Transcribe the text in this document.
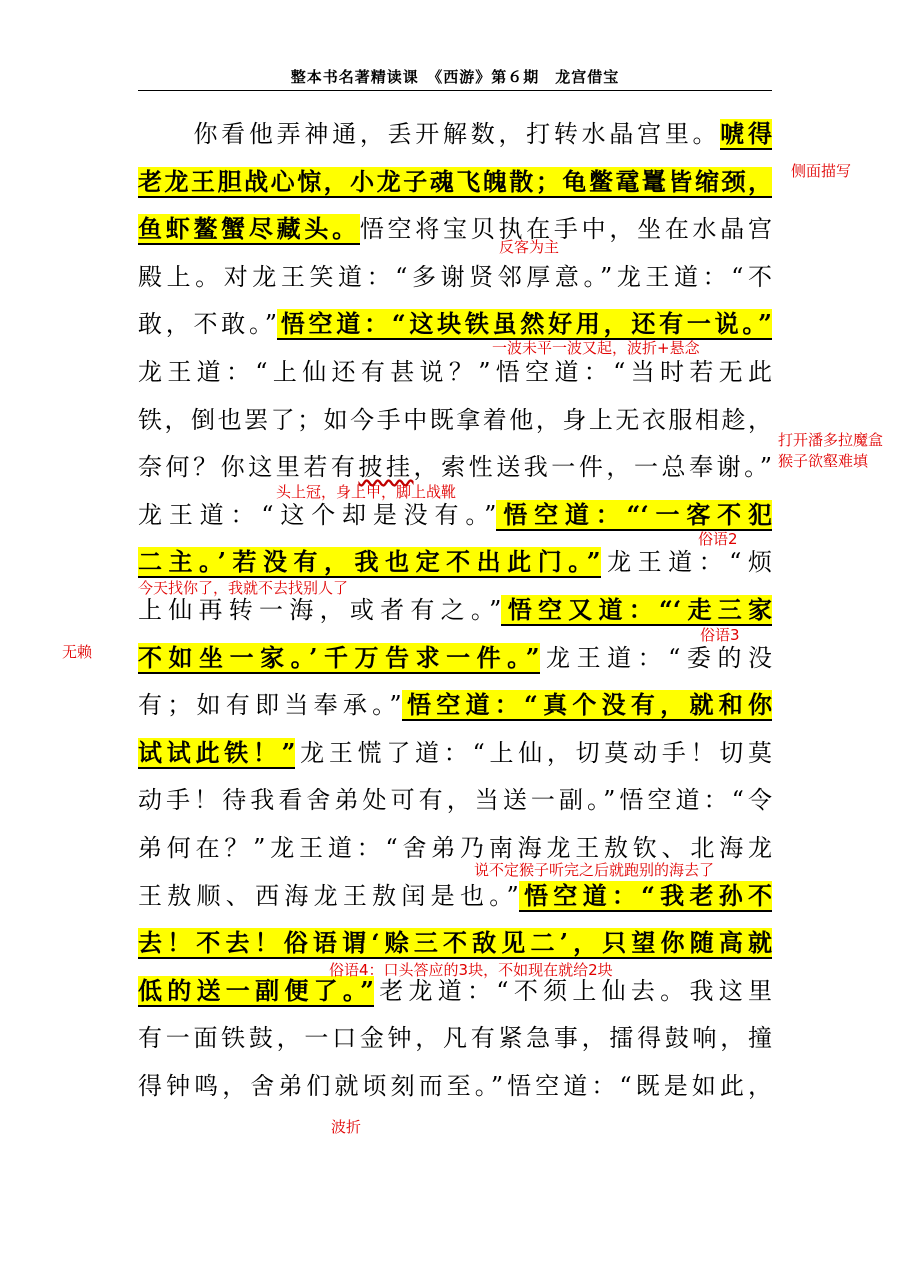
整本书名著精读课　《西游》第６期　龙宫借宝
　　你看他弄神通，丢开解数，打转水晶宫里。唬得
老龙王胆战心惊，小龙子魂飞魄散；龟鳖鼋鼍皆缩颈，
鱼虾鳌蟹尽藏头。悟空将宝贝执在手中，坐在水晶宫
殿上。对龙王笑道：“多谢贤邻厚意。”龙王道：“不
敢，不敢。”悟空道：“这块铁虽然好用，还有一说。”
龙王道：“上仙还有甚说？”悟空道：“当时若无此
铁，倒也罢了；如今手中既拿着他，身上无衣服相趁，
奈何？你这里若有披挂，索性送我一件，一总奉谢。”
龙王道：“这个却是没有。”悟空道：“‘一客不犯
二主。’若没有，我也定不出此门。”龙王道：“烦
上仙再转一海，或者有之。”悟空又道：“‘走三家
不如坐一家。’千万告求一件。”龙王道：“委的没
有；如有即当奉承。”悟空道：“真个没有，就和你
试试此铁！”龙王慌了道：“上仙，切莫动手！切莫
动手！待我看舍弟处可有，当送一副。”悟空道：“令
弟何在？”龙王道：“舍弟乃南海龙王敖钦、北海龙
王敖顺、西海龙王敖闰是也。”悟空道：“我老孙不
去！不去！俗语谓‘赊三不敌见二’，只望你随高就
低的送一副便了。”老龙道：“不须上仙去。我这里
有一面铁鼓，一口金钟，凡有紧急事，擂得鼓响，撞
得钟鸣，舍弟们就顷刻而至。”悟空道：“既是如此，
侧面描写
反客为主
一波未平一波又起，波折+悬念
打开潘多拉魔盒
猴子欲壑难填
头上冠，身上甲，脚上战靴
俗语2
今天找你了，我就不去找别人了
俗语3
无赖
说不定猴子听完之后就跑别的海去了
俗语4：口头答应的3块，不如现在就给2块
波折
